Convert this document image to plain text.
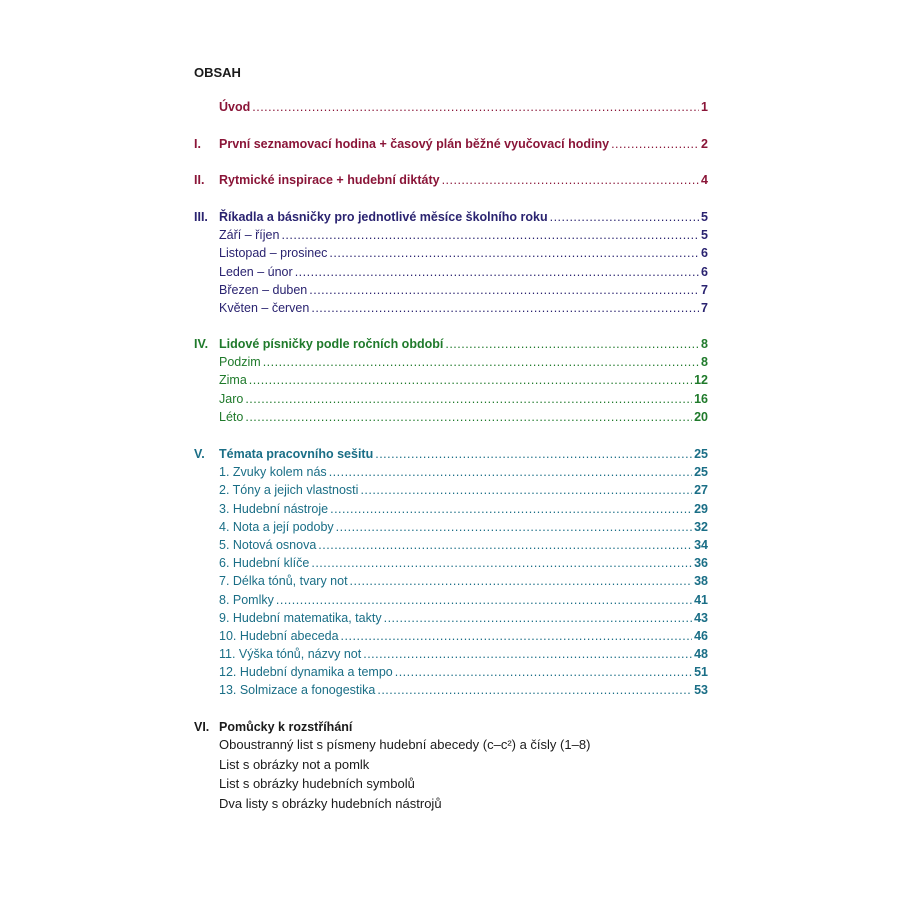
OBSAH
Úvod .....	1
I.	První seznamovací hodina + časový plán běžné vyučovací hodiny .....	2
II.	Rytmické inspirace + hudební diktáty .....	4
III. Říkadla a básničky pro jednotlivé měsíce školního roku .....	5
Září – říjen .....	5
Listopad – prosinec .....	6
Leden – únor .....	6
Březen – duben .....	7
Květen – červen .....	7
IV. Lidové písničky podle ročních období .....	8
Podzim .....	8
Zima .....	12
Jaro .....	16
Léto .....	20
V.	Témata pracovního sešitu .....	25
1. Zvuky kolem nás .....	25
2. Tóny a jejich vlastnosti .....	27
3. Hudební nástroje .....	29
4. Nota a její podoby .....	32
5. Notová osnova .....	34
6. Hudební klíče .....	36
7. Délka tónů, tvary not .....	38
8. Pomlky .....	41
9. Hudební matematika, takty .....	43
10. Hudební abeceda .....	46
11. Výška tónů, názvy not .....	48
12. Hudební dynamika a tempo .....	51
13. Solmizace a fonogestika .....	53
VI. Pomůcky k rozstříhání
Oboustranný list s písmeny hudební abecedy (c–c²) a čísly (1–8)
List s obrázky not a pomlk
List s obrázky hudebních symbolů
Dva listy s obrázky hudebních nástrojů
